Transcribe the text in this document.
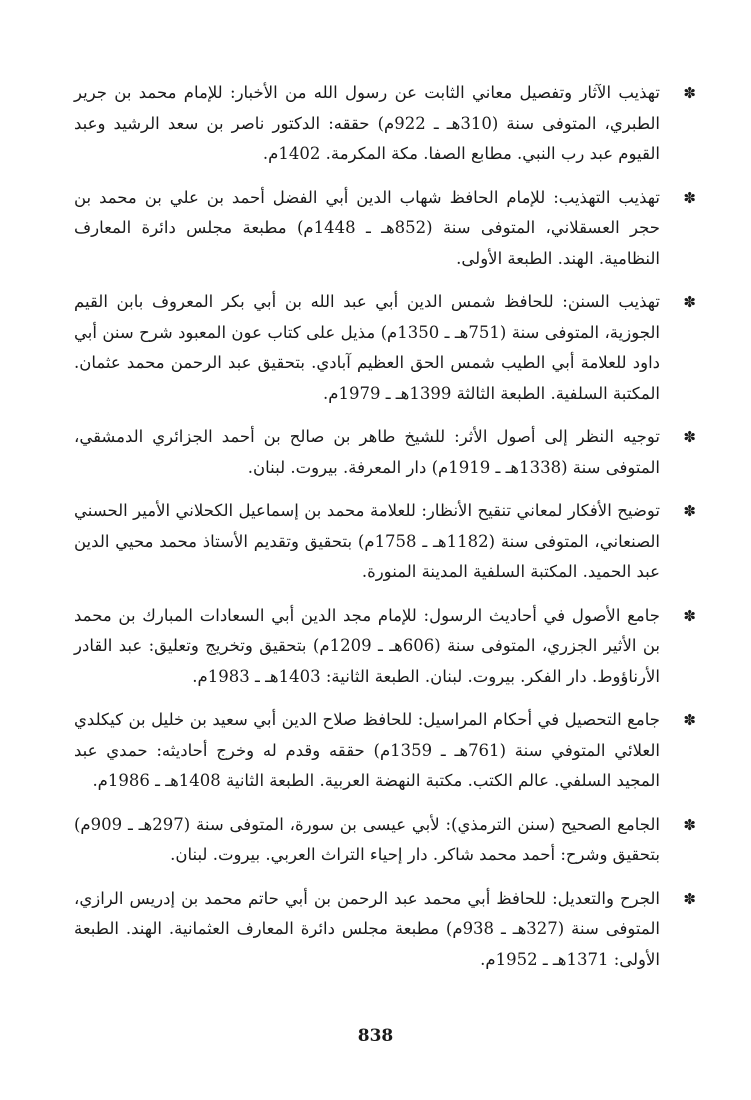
✽
تهذيب الآثار وتفصيل معاني الثابت عن رسول الله من الأخبار: للإمام محمد بن جرير الطبري، المتوفى سنة (310هـ ـ 922م) حققه: الدكتور ناصر بن سعد الرشيد وعبد القيوم عبد رب النبي. مطابع الصفا. مكة المكرمة. 1402م.
✽
تهذيب التهذيب: للإمام الحافظ شهاب الدين أبي الفضل أحمد بن علي بن محمد بن حجر العسقلاني، المتوفى سنة (852هـ ـ 1448م) مطبعة مجلس دائرة المعارف النظامية. الهند. الطبعة الأولى.
✽
تهذيب السنن: للحافظ شمس الدين أبي عبد الله بن أبي بكر المعروف بابن القيم الجوزية، المتوفى سنة (751هـ ـ 1350م) مذيل على كتاب عون المعبود شرح سنن أبي داود للعلامة أبي الطيب شمس الحق العظيم آبادي. بتحقيق عبد الرحمن محمد عثمان. المكتبة السلفية. الطبعة الثالثة 1399هـ ـ 1979م.
✽
توجيه النظر إلى أصول الأثر: للشيخ طاهر بن صالح بن أحمد الجزائري الدمشقي، المتوفى سنة (1338هـ ـ 1919م) دار المعرفة. بيروت. لبنان.
✽
توضيح الأفكار لمعاني تنقيح الأنظار: للعلامة محمد بن إسماعيل الكحلاني الأمير الحسني الصنعاني، المتوفى سنة (1182هـ ـ 1758م) بتحقيق وتقديم الأستاذ محمد محيي الدين عبد الحميد. المكتبة السلفية المدينة المنورة.
✽
جامع الأصول في أحاديث الرسول: للإمام مجد الدين أبي السعادات المبارك بن محمد بن الأثير الجزري، المتوفى سنة (606هـ ـ 1209م) بتحقيق وتخريج وتعليق: عبد القادر الأرناؤوط. دار الفكر. بيروت. لبنان. الطبعة الثانية: 1403هـ ـ 1983م.
✽
جامع التحصيل في أحكام المراسيل: للحافظ صلاح الدين أبي سعيد بن خليل بن كيكلدي العلائي المتوفي سنة (761هـ ـ 1359م) حققه وقدم له وخرج أحاديثه: حمدي عبد المجيد السلفي. عالم الكتب. مكتبة النهضة العربية. الطبعة الثانية 1408هـ ـ 1986م.
✽
الجامع الصحيح (سنن الترمذي): لأبي عيسى بن سورة، المتوفى سنة (297هـ ـ 909م) بتحقيق وشرح: أحمد محمد شاكر. دار إحياء التراث العربي. بيروت. لبنان.
✽
الجرح والتعديل: للحافظ أبي محمد عبد الرحمن بن أبي حاتم محمد بن إدريس الرازي، المتوفى سنة (327هـ ـ 938م) مطبعة مجلس دائرة المعارف العثمانية. الهند. الطبعة الأولى: 1371هـ ـ 1952م.
838
